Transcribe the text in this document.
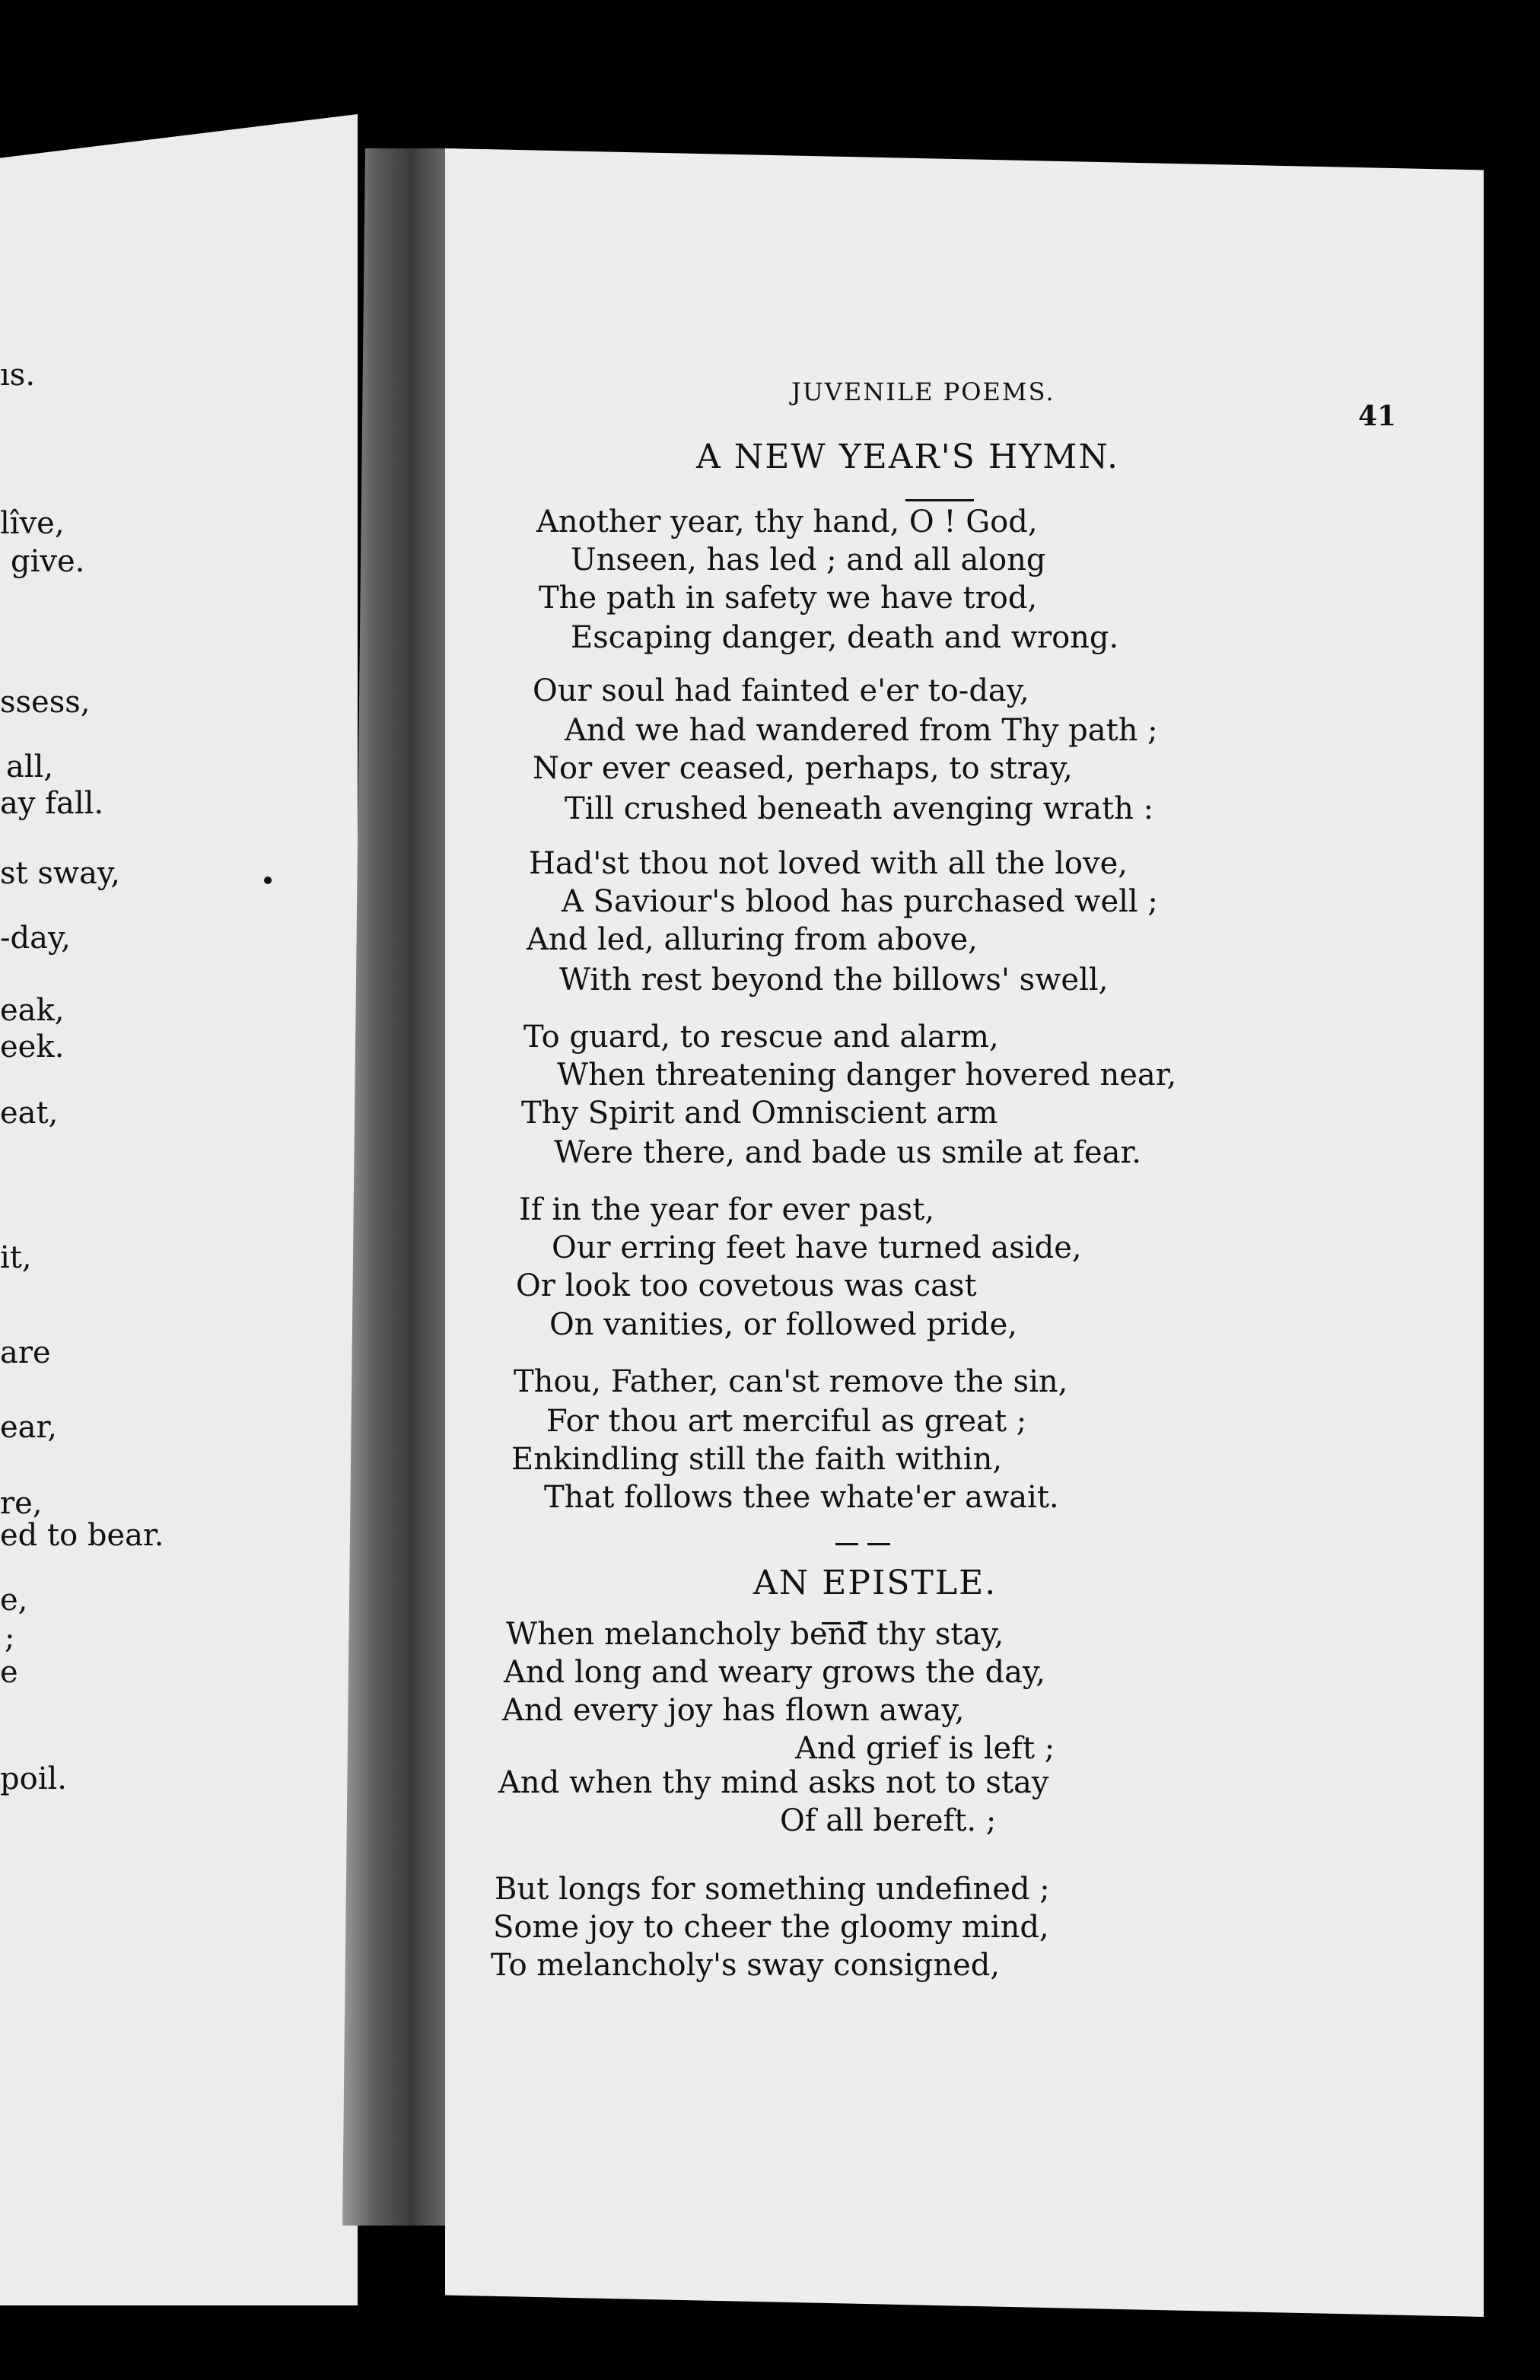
ıs.

lîve,

give.

ssess,

all,

ay fall.

st sway,

-day,

eak,

eek.

eat,

it,

are

ear,

re,

ed to bear.

e,

;

e

poil.

JUVENILE POEMS.

41

A NEW YEAR'S HYMN.

Another year, thy hand, O ! God,

Unseen, has led ; and all along

The path in safety we have trod,

Escaping danger, death and wrong.

Our soul had fainted e'er to-day,

And we had wandered from Thy path ;

Nor ever ceased, perhaps, to stray,

Till crushed beneath avenging wrath :

Had'st thou not loved with all the love,

A Saviour's blood has purchased well ;

And led, alluring from above,

With rest beyond the billows' swell,

To guard, to rescue and alarm,

When threatening danger hovered near,

Thy Spirit and Omniscient arm

Were there, and bade us smile at fear.

If in the year for ever past,

Our erring feet have turned aside,

Or look too covetous was cast

On vanities, or followed pride,

Thou, Father, can'st remove the sin,

For thou art merciful as great ;

Enkindling still the faith within,

That follows thee whate'er await.

AN EPISTLE.

When melancholy bend thy stay,

And long and weary grows the day,

And every joy has flown away,

And grief is left ;

And when thy mind asks not to stay

Of all bereft. ;

But longs for something undefined ;

Some joy to cheer the gloomy mind,

To melancholy's sway consigned,
